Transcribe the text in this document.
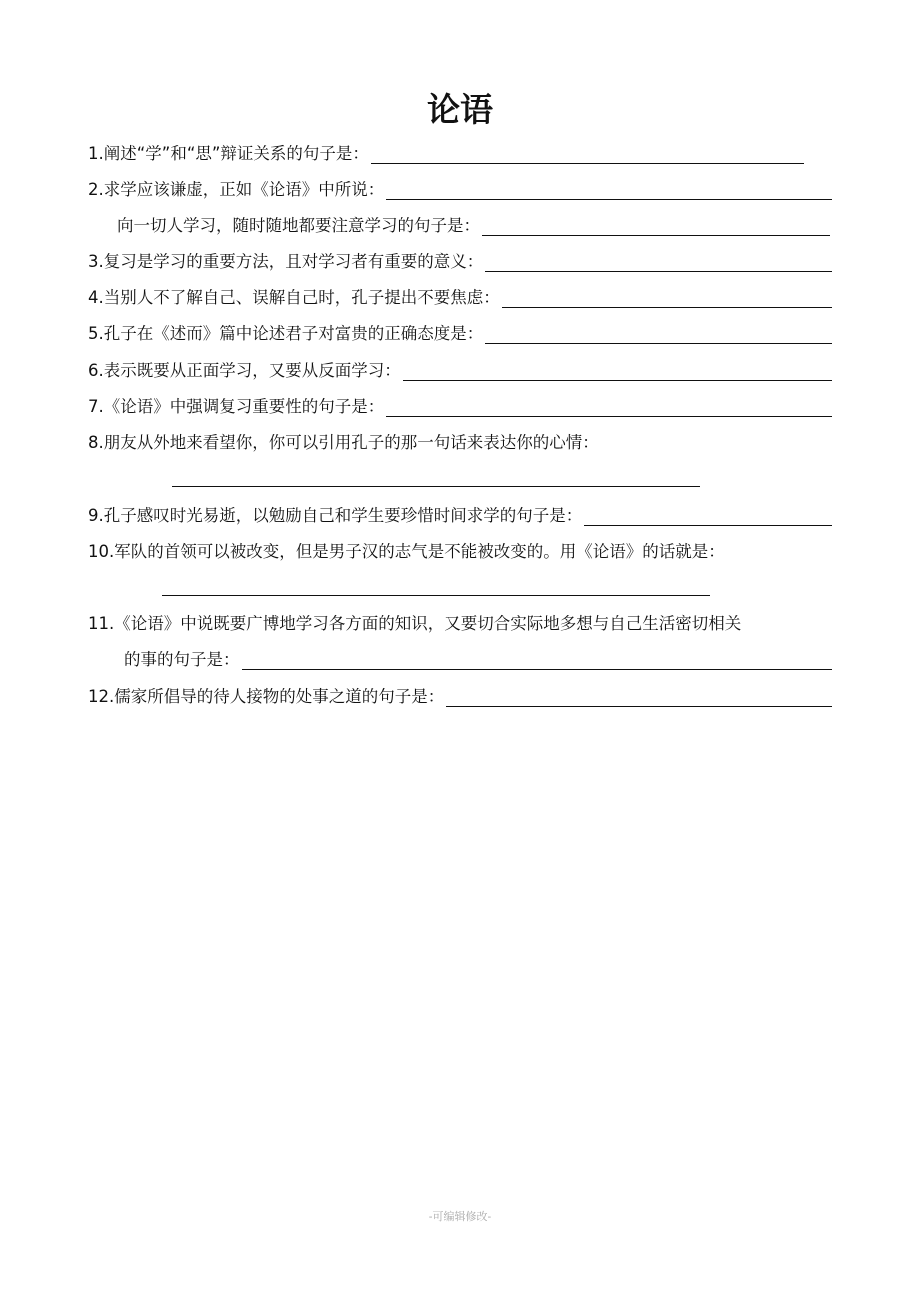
论语
1.阐述“学”和“思”辩证关系的句子是：
2.求学应该谦虚，正如《论语》中所说：
向一切人学习，随时随地都要注意学习的句子是：
3.复习是学习的重要方法，且对学习者有重要的意义：
4.当别人不了解自己、误解自己时，孔子提出不要焦虑：
5.孔子在《述而》篇中论述君子对富贵的正确态度是：
6.表示既要从正面学习，又要从反面学习：
7.《论语》中强调复习重要性的句子是：
8.朋友从外地来看望你，你可以引用孔子的那一句话来表达你的心情：
9.孔子感叹时光易逝，以勉励自己和学生要珍惜时间求学的句子是：
10.军队的首领可以被改变，但是男子汉的志气是不能被改变的。用《论语》的话就是：
11.《论语》中说既要广博地学习各方面的知识，又要切合实际地多想与自己生活密切相关
的事的句子是：
12.儒家所倡导的待人接物的处事之道的句子是：
-可编辑修改-
